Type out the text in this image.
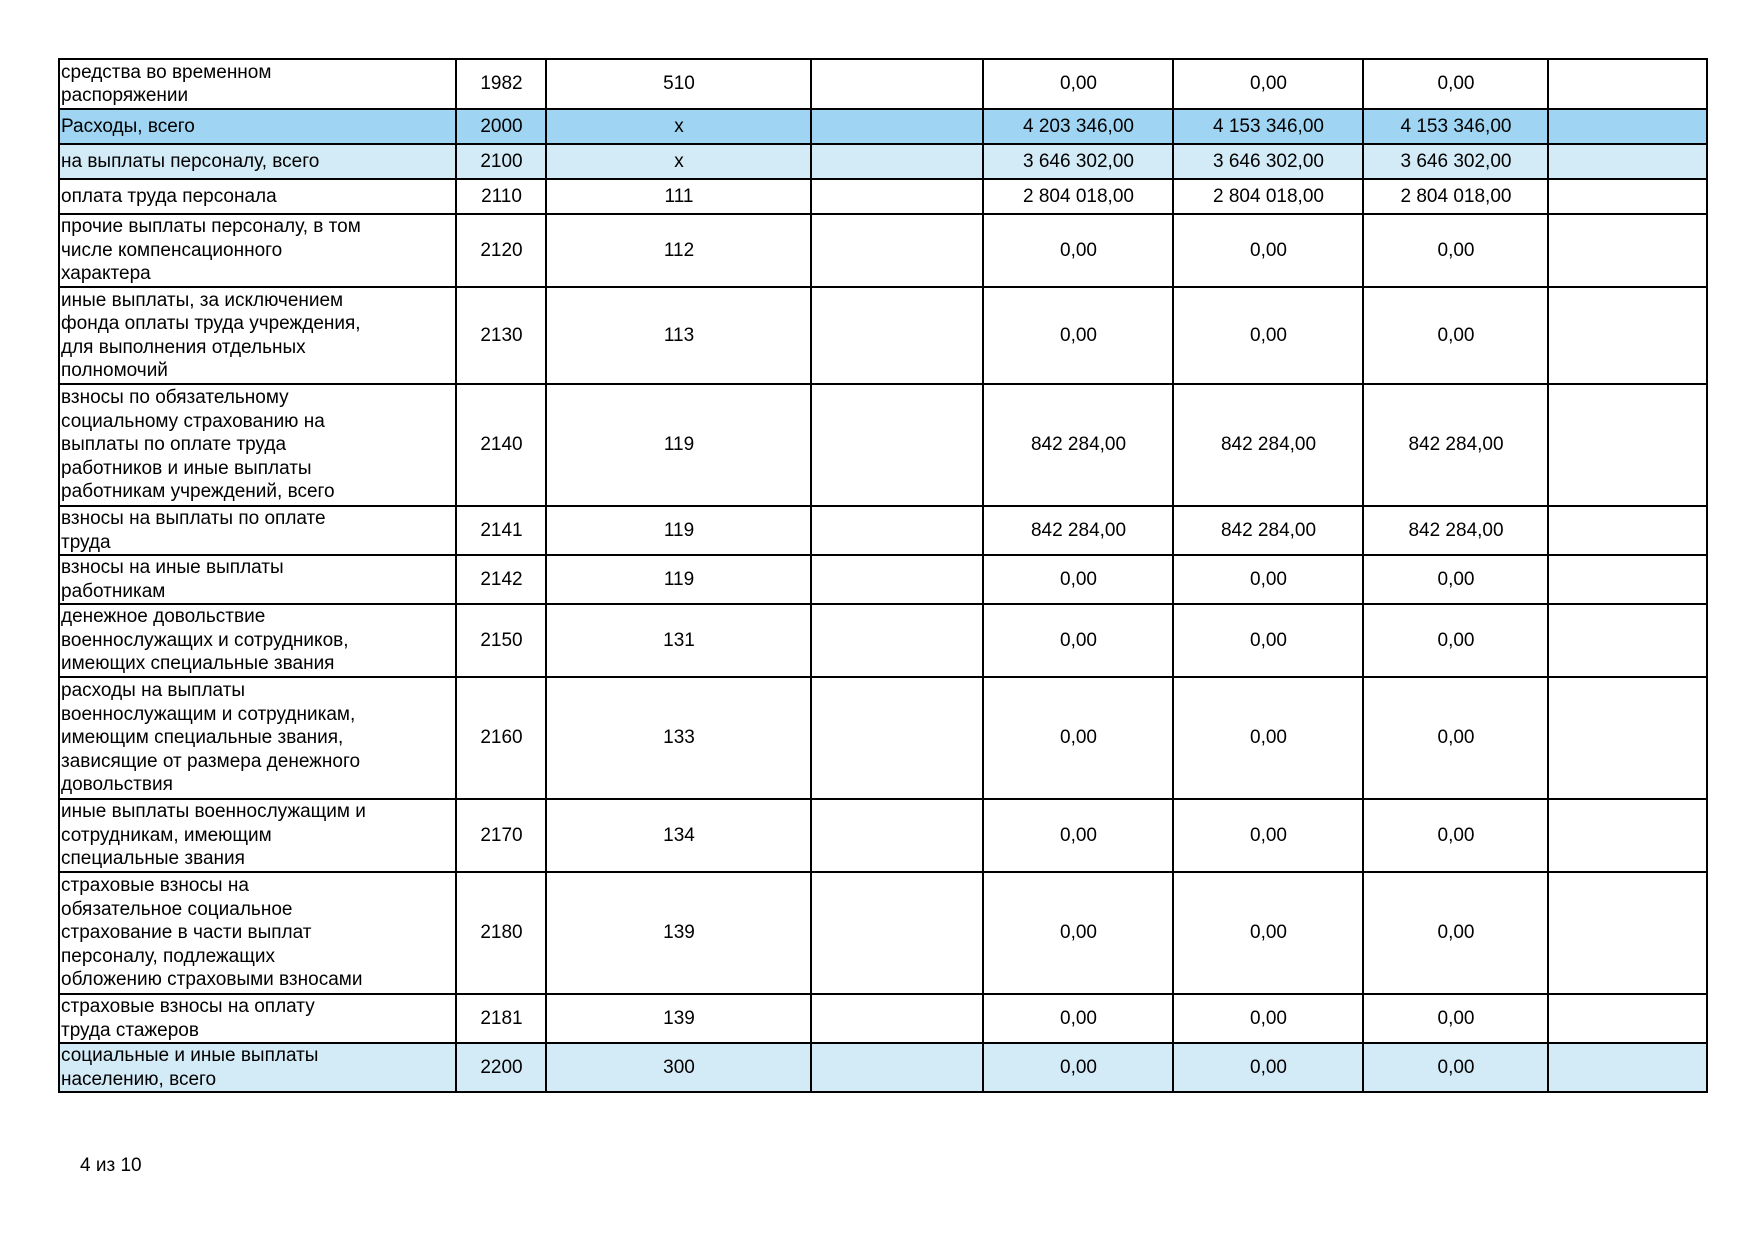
средства во временном
распоряжении	1982	510		0,00	0,00	0,00	
Расходы, всего	2000	x		4 203 346,00	4 153 346,00	4 153 346,00	
на выплаты персоналу, всего	2100	x		3 646 302,00	3 646 302,00	3 646 302,00	
оплата труда персонала	2110	111		2 804 018,00	2 804 018,00	2 804 018,00	
прочие выплаты персоналу, в том
числе компенсационного
характера	2120	112		0,00	0,00	0,00	
иные выплаты, за исключением
фонда оплаты труда учреждения,
для выполнения отдельных
полномочий	2130	113		0,00	0,00	0,00	
взносы по обязательному
социальному страхованию на
выплаты по оплате труда
работников и иные выплаты
работникам учреждений, всего	2140	119		842 284,00	842 284,00	842 284,00	
взносы на выплаты по оплате
труда	2141	119		842 284,00	842 284,00	842 284,00	
взносы на иные выплаты
работникам	2142	119		0,00	0,00	0,00	
денежное довольствие
военнослужащих и сотрудников,
имеющих специальные звания	2150	131		0,00	0,00	0,00	
расходы на выплаты
военнослужащим и сотрудникам,
имеющим специальные звания,
зависящие от размера денежного
довольствия	2160	133		0,00	0,00	0,00	
иные выплаты военнослужащим и
сотрудникам, имеющим
специальные звания	2170	134		0,00	0,00	0,00	
страховые взносы на
обязательное социальное
страхование в части выплат
персоналу, подлежащих
обложению страховыми взносами	2180	139		0,00	0,00	0,00	
страховые взносы на оплату
труда стажеров	2181	139		0,00	0,00	0,00	
социальные и иные выплаты
населению, всего	2200	300		0,00	0,00	0,00	
4 из 10
